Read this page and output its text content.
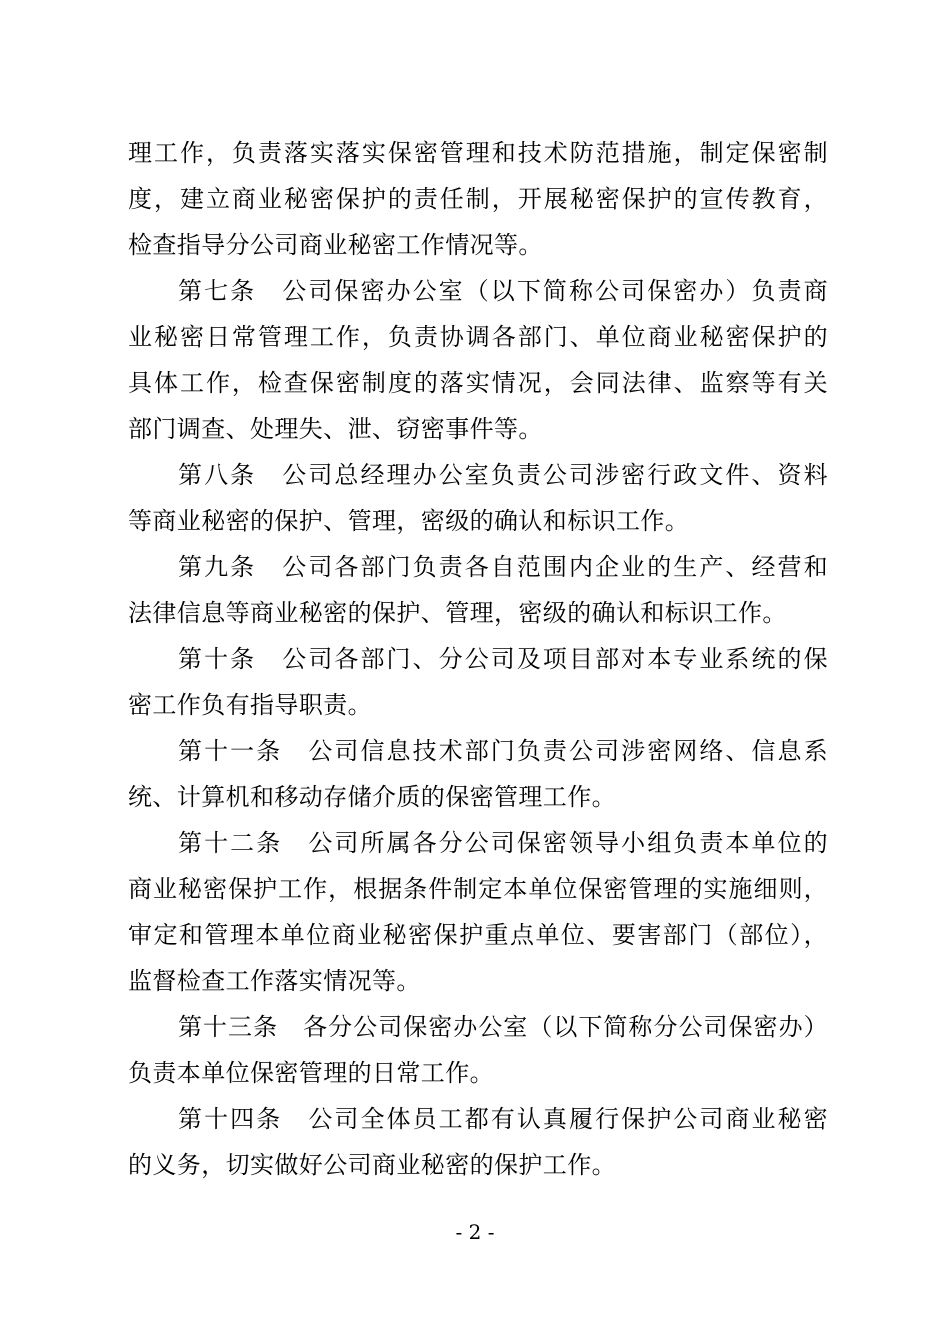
理工作，负责落实落实保密管理和技术防范措施，制定保密制
度，建立商业秘密保护的责任制，开展秘密保护的宣传教育，
检查指导分公司商业秘密工作情况等。
第七条　公司保密办公室（以下简称公司保密办）负责商
业秘密日常管理工作，负责协调各部门、单位商业秘密保护的
具体工作，检查保密制度的落实情况，会同法律、监察等有关
部门调查、处理失、泄、窃密事件等。
第八条　公司总经理办公室负责公司涉密行政文件、资料
等商业秘密的保护、管理，密级的确认和标识工作。
第九条　公司各部门负责各自范围内企业的生产、经营和
法律信息等商业秘密的保护、管理，密级的确认和标识工作。
第十条　公司各部门、分公司及项目部对本专业系统的保
密工作负有指导职责。
第十一条　公司信息技术部门负责公司涉密网络、信息系
统、计算机和移动存储介质的保密管理工作。
第十二条　公司所属各分公司保密领导小组负责本单位的
商业秘密保护工作，根据条件制定本单位保密管理的实施细则，
审定和管理本单位商业秘密保护重点单位、要害部门（部位），
监督检查工作落实情况等。
第十三条　各分公司保密办公室（以下简称分公司保密办）
负责本单位保密管理的日常工作。
第十四条　公司全体员工都有认真履行保护公司商业秘密
的义务，切实做好公司商业秘密的保护工作。
- 2 -
